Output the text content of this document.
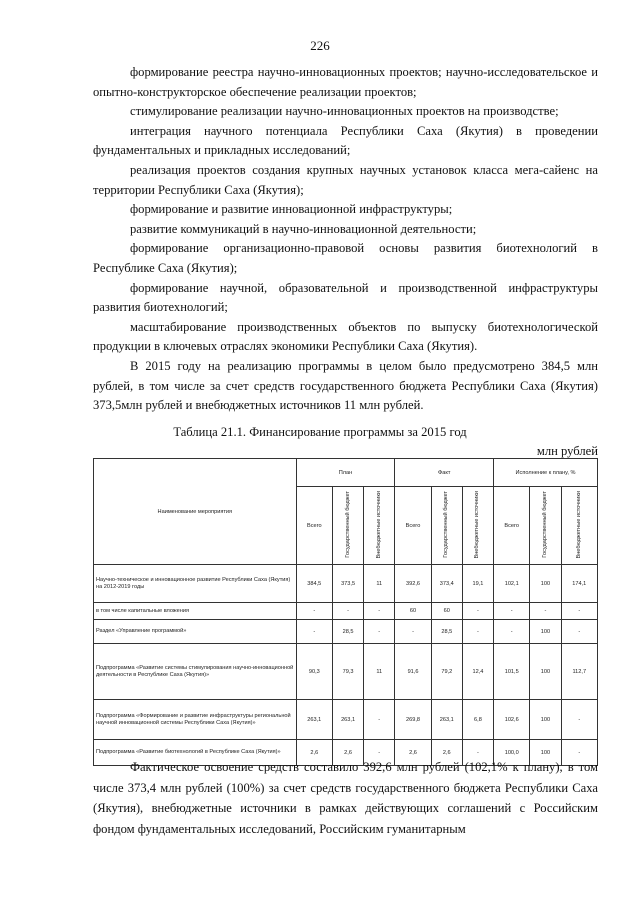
226

формирование реестра научно-инновационных проектов; научно-исследовательское и опытно-конструкторское обеспечение реализации проектов;

стимулирование реализации научно-инновационных проектов на производстве;

интеграция научного потенциала Республики Саха (Якутия) в проведении фундаментальных и прикладных исследований;

реализация проектов создания крупных научных установок класса мега-сайенс на территории Республики Саха (Якутия);

формирование и развитие инновационной инфраструктуры;

развитие коммуникаций в научно-инновационной деятельности;

формирование организационно-правовой основы развития биотехнологий в Республике Саха (Якутия);

формирование научной, образовательной и производственной инфраструктуры развития биотехнологий;

масштабирование производственных объектов по выпуску биотехнологической продукции в ключевых отраслях экономики Республики Саха (Якутия).

В 2015 году на реализацию программы в целом было предусмотрено 384,5 млн рублей, в том числе за счет средств государственного бюджета Республики Саха (Якутия) 373,5млн рублей и внебюджетных источников 11 млн рублей.

Таблица 21.1. Финансирование программы за 2015 год
млн рублей
Наименование мероприятия	План			Факт			Исполнение к плану, %		
	Всего	Государственный бюджет	Внебюджетные источники	Всего	Государственный бюджет	Внебюджетные источники	Всего	Государственный бюджет	Внебюджетные источники
Научно-техническое и инновационное развитие Республики Саха (Якутия) на 2012-2019 годы	384,5	373,5	11	392,6	373,4	19,1	102,1	100	174,1
в том числе капитальные вложения	-	-	-	60	60	-	-	-	-
Раздел «Управление программой»	-	28,5	-	-	28,5	-	-	100	-
Подпрограмма «Развитие системы стимулирования научно-инновационной деятельности в Республике Саха (Якутия)»	90,3	79,3	11	91,6	79,2	12,4	101,5	100	112,7
Подпрограмма «Формирование и развитие инфраструктуры региональной научной инновационной системы Республики Саха (Якутия)»	263,1	263,1	-	269,8	263,1	6,8	102,6	100	-
Подпрограмма «Развитие биотехнологий в Республике Саха (Якутия)»	2,6	2,6	-	2,6	2,6	-	100,0	100	-

Фактическое освоение средств составило 392,6 млн рублей (102,1% к плану), в том числе 373,4 млн рублей (100%) за счет средств государственного бюджета Республики Саха (Якутия), внебюджетные источники в рамках действующих соглашений с Российским фондом фундаментальных исследований, Российским гуманитарным
